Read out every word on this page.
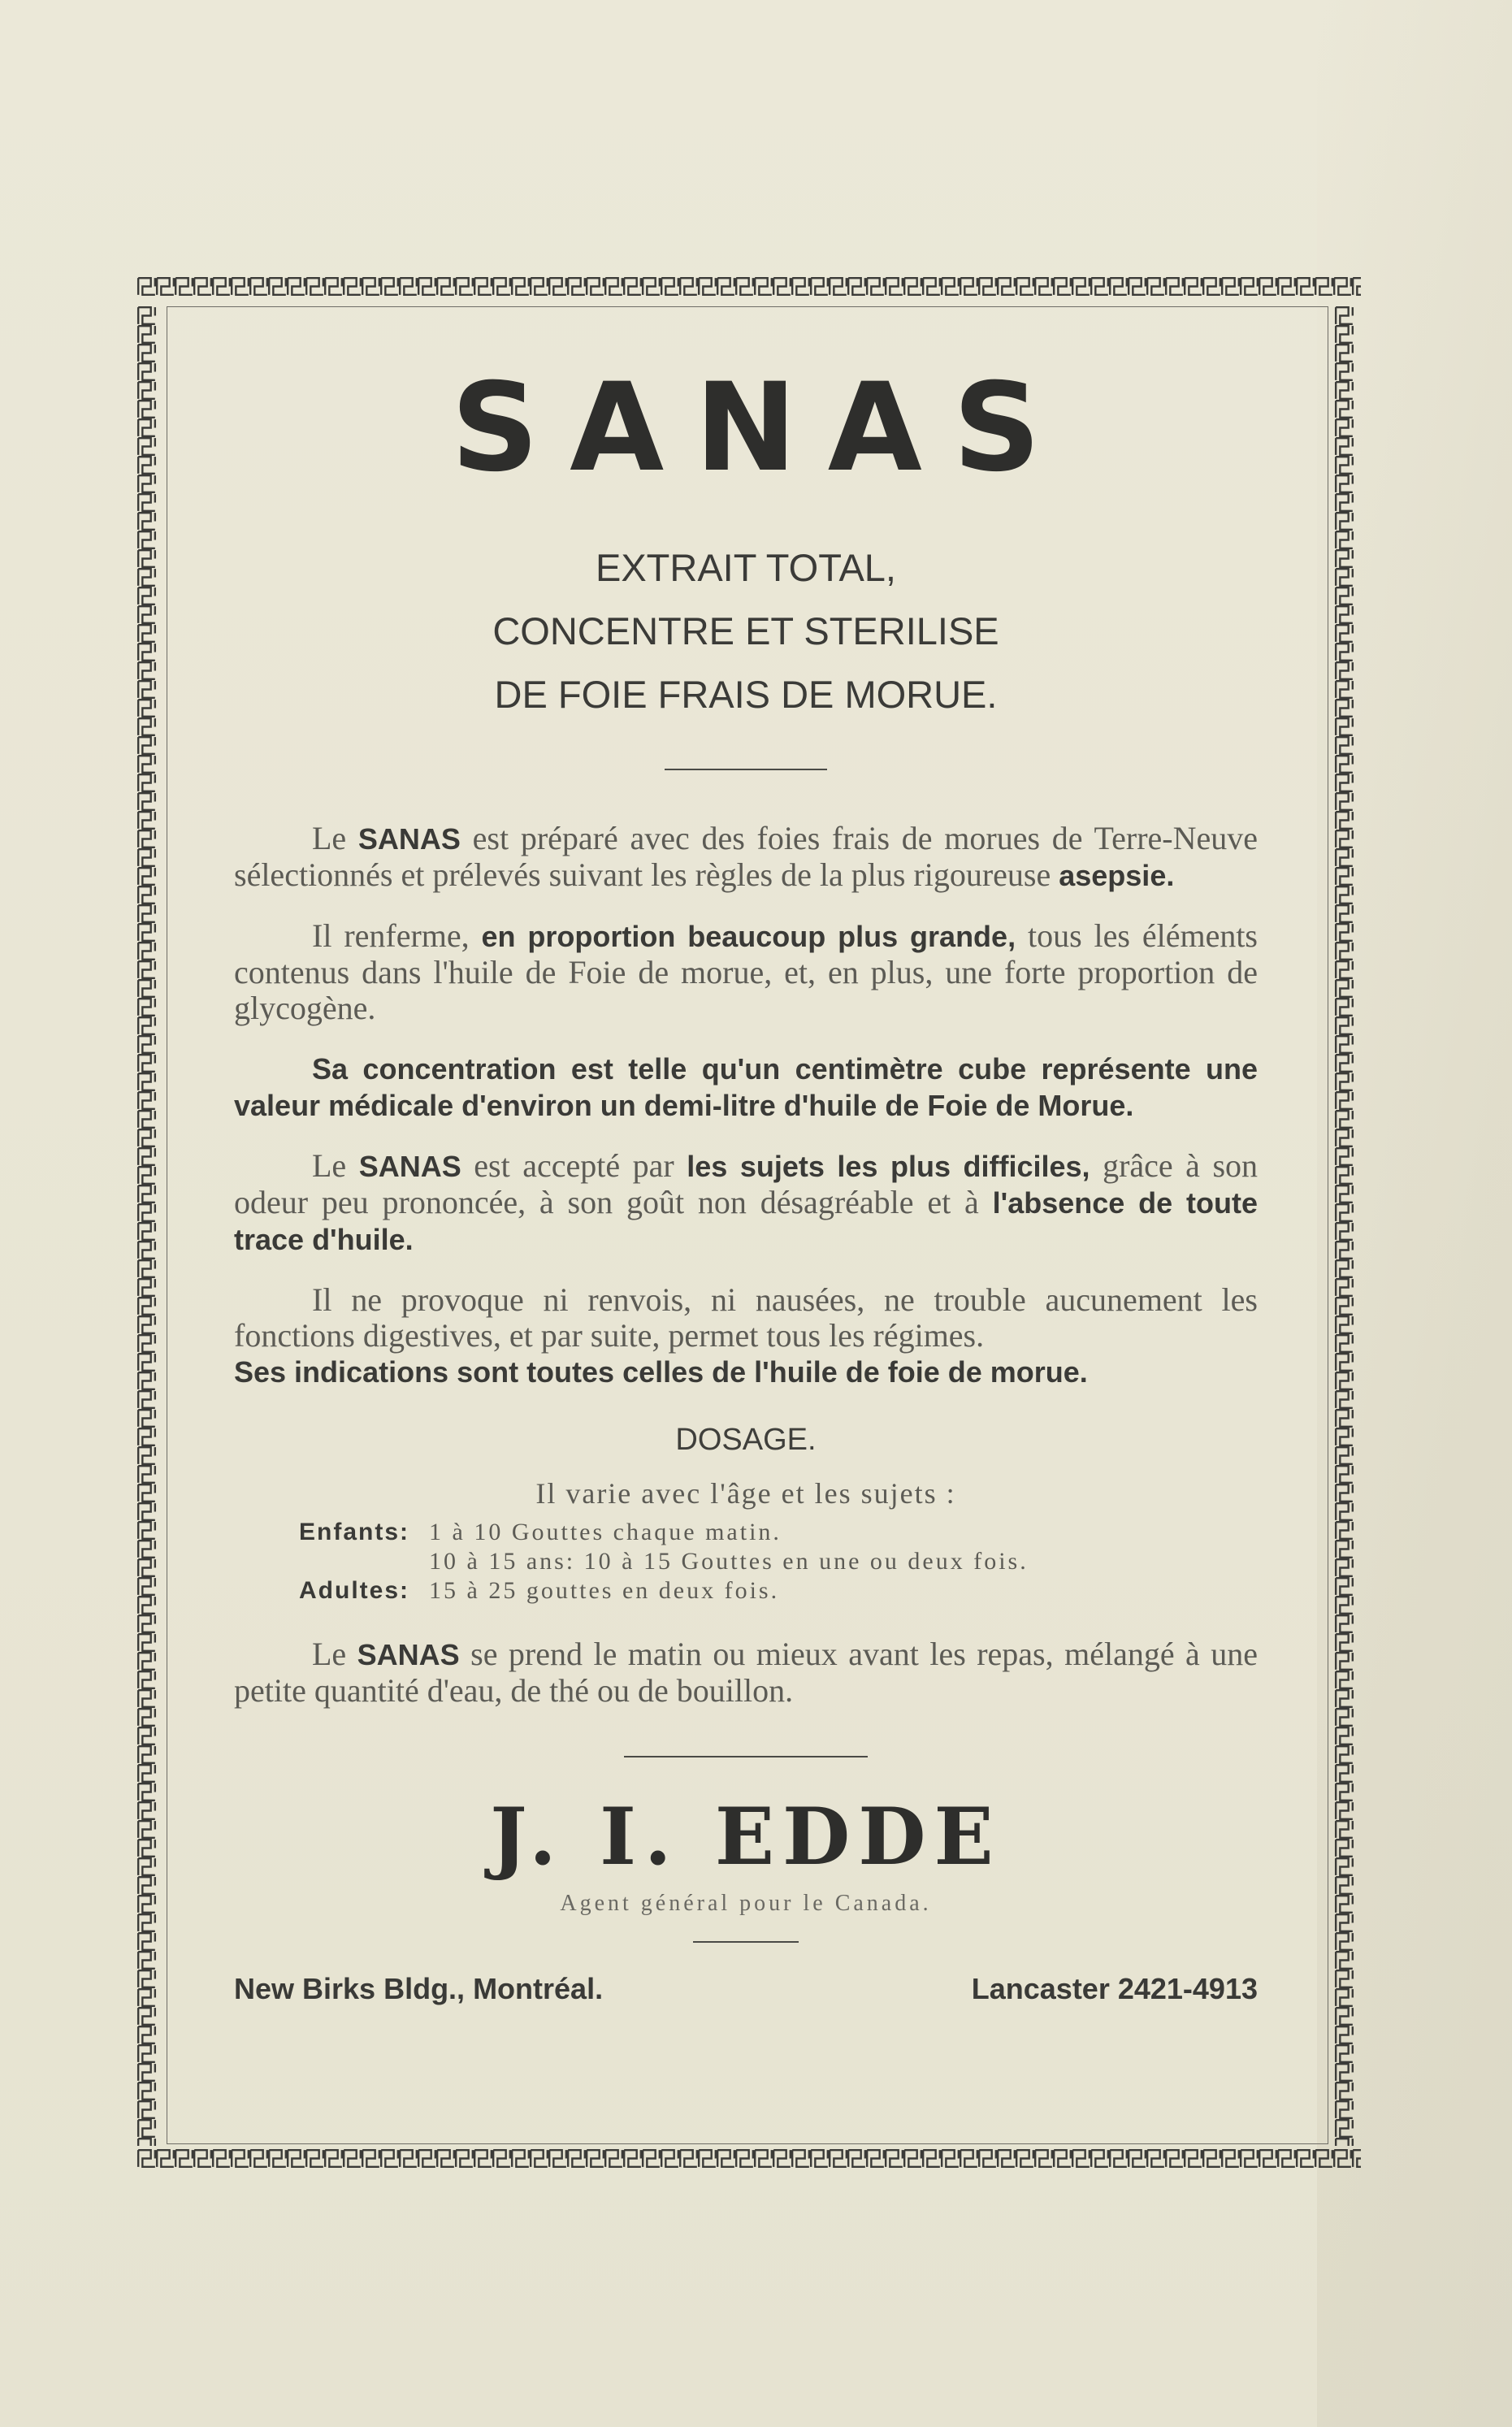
SANAS
EXTRAIT TOTAL,
CONCENTRE ET STERILISE
DE FOIE FRAIS DE MORUE.

Le SANAS est préparé avec des foies frais de morues de Terre-Neuve sélectionnés et prélevés suivant les règles de la plus rigoureuse asepsie.

Il renferme, en proportion beaucoup plus grande, tous les éléments contenus dans l'huile de Foie de morue, et, en plus, une forte proportion de glycogène.

Sa concentration est telle qu'un centimètre cube représente une valeur médicale d'environ un demi-litre d'huile de Foie de Morue.

Le SANAS est accepté par les sujets les plus difficiles, grâce à son odeur peu prononcée, à son goût non désagréable et à l'absence de toute trace d'huile.

Il ne provoque ni renvois, ni nausées, ne trouble aucunement les fonctions digestives, et par suite, permet tous les régimes.
Ses indications sont toutes celles de l'huile de foie de morue.

DOSAGE.
Il varie avec l'âge et les sujets :
Enfants: 1 à 10 Gouttes chaque matin.
10 à 15 ans: 10 à 15 Gouttes en une ou deux fois.
Adultes: 15 à 25 gouttes en deux fois.

Le SANAS se prend le matin ou mieux avant les repas, mélangé à une petite quantité d'eau, de thé ou de bouillon.

J. I. EDDE
Agent général pour le Canada.
New Birks Bldg., Montréal.	Lancaster 2421-4913
